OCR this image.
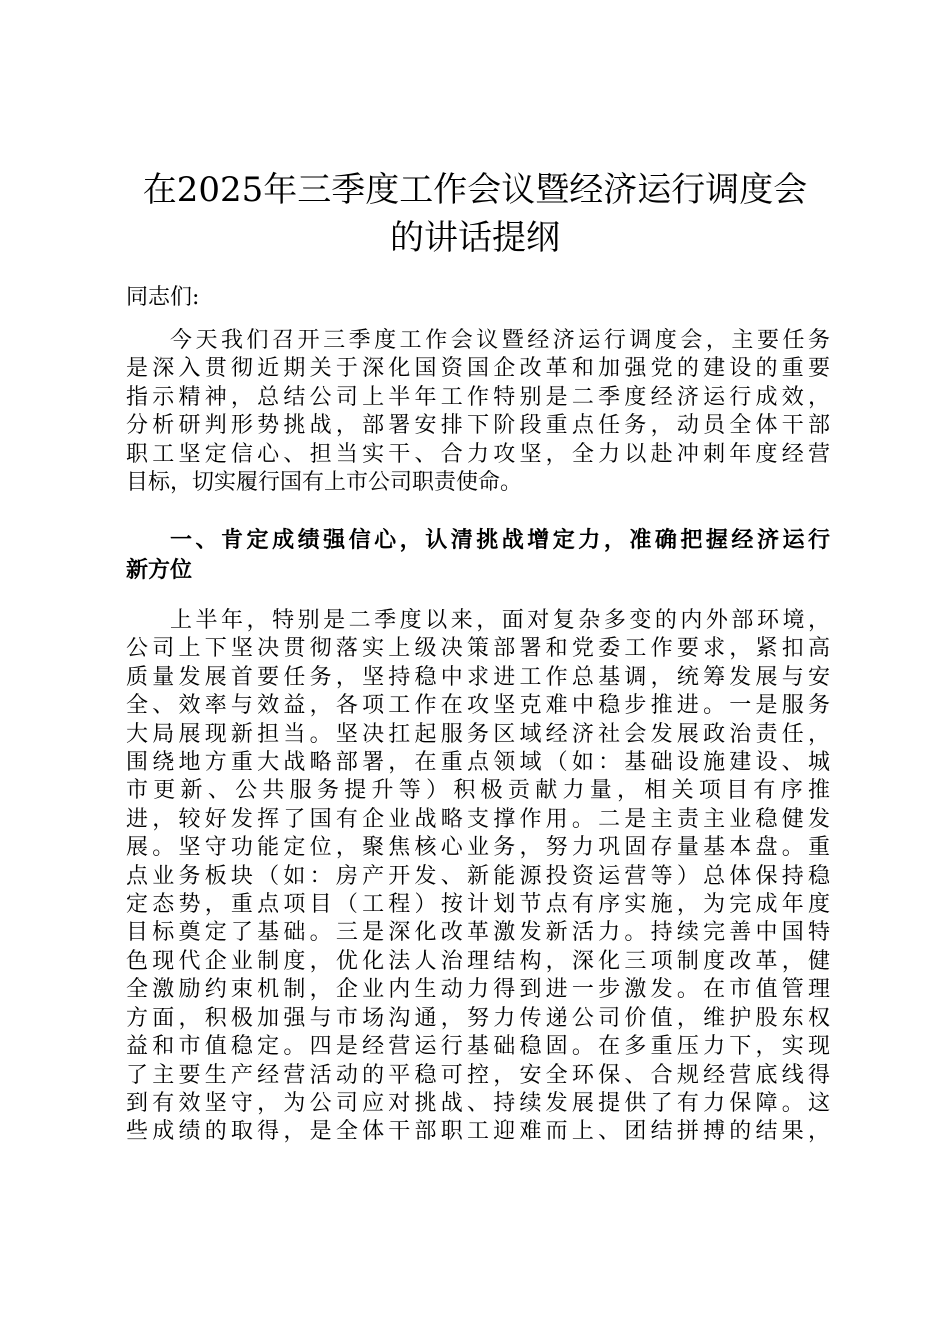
在2025年三季度工作会议暨经济运行调度会
的讲话提纲

同志们:

今天我们召开三季度工作会议暨经济运行调度会，主要任务
是深入贯彻近期关于深化国资国企改革和加强党的建设的重要
指示精神，总结公司上半年工作特别是二季度经济运行成效，
分析研判形势挑战，部署安排下阶段重点任务，动员全体干部
职工坚定信心、担当实干、合力攻坚，全力以赴冲刺年度经营
目标，切实履行国有上市公司职责使命。
一、肯定成绩强信心，认清挑战增定力，准确把握经济运行
新方位
上半年，特别是二季度以来，面对复杂多变的内外部环境，
公司上下坚决贯彻落实上级决策部署和党委工作要求，紧扣高
质量发展首要任务，坚持稳中求进工作总基调，统筹发展与安
全、效率与效益，各项工作在攻坚克难中稳步推进。一是服务
大局展现新担当。坚决扛起服务区域经济社会发展政治责任，
围绕地方重大战略部署，在重点领域（如：基础设施建设、城
市更新、公共服务提升等）积极贡献力量，相关项目有序推
进，较好发挥了国有企业战略支撑作用。二是主责主业稳健发
展。坚守功能定位，聚焦核心业务，努力巩固存量基本盘。重
点业务板块（如：房产开发、新能源投资运营等）总体保持稳
定态势，重点项目（工程）按计划节点有序实施，为完成年度
目标奠定了基础。三是深化改革激发新活力。持续完善中国特
色现代企业制度，优化法人治理结构，深化三项制度改革，健
全激励约束机制，企业内生动力得到进一步激发。在市值管理
方面，积极加强与市场沟通，努力传递公司价值，维护股东权
益和市值稳定。四是经营运行基础稳固。在多重压力下，实现
了主要生产经营活动的平稳可控，安全环保、合规经营底线得
到有效坚守，为公司应对挑战、持续发展提供了有力保障。这
些成绩的取得，是全体干部职工迎难而上、团结拼搏的结果，
